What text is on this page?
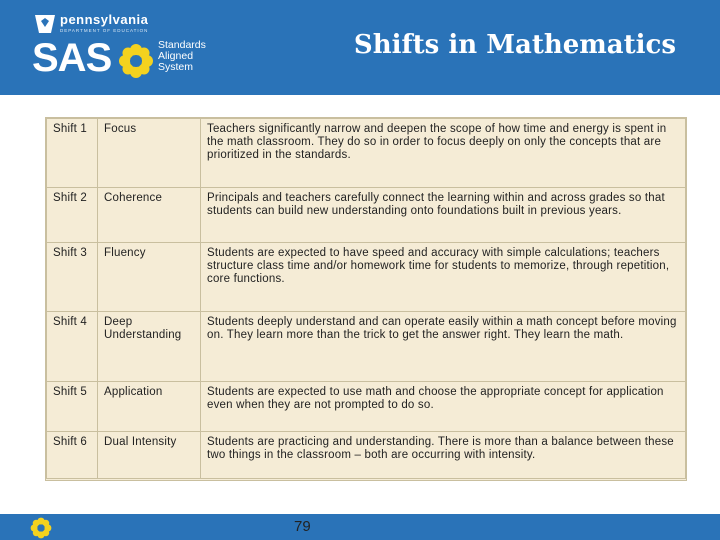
pennsylvania
DEPARTMENT OF EDUCATION
SAS	Standards
Aligned
System
Shifts in Mathematics
Shift 1	Focus	Teachers significantly narrow and deepen the scope of how time and energy is spent in the math classroom. They do so in order to focus deeply on only the concepts that are prioritized in the standards.
Shift 2	Coherence	Principals and teachers carefully connect the learning within and across grades so that students can build new understanding onto foundations built in previous years.
Shift 3	Fluency	Students are expected to have speed and accuracy with simple calculations; teachers structure class time and/or homework time for students to memorize, through repetition, core functions.
Shift 4	Deep Understanding	Students deeply understand and can operate easily within a math concept before moving on. They learn more than the trick to get the answer right. They learn the math.
Shift 5	Application	Students are expected to use math and choose the appropriate concept for application even when they are not prompted to do so.
Shift 6	Dual Intensity	Students are practicing and understanding. There is more than a balance between these two things in the classroom – both are occurring with intensity.
79
